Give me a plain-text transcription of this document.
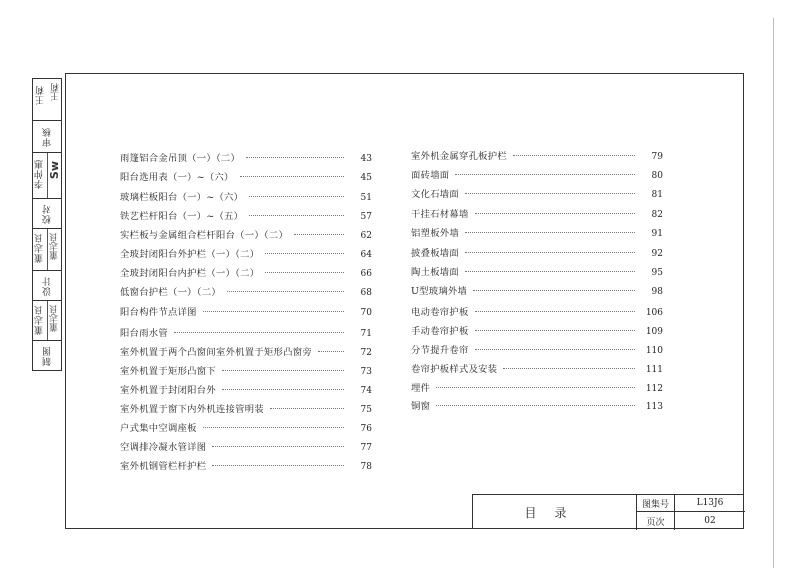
王莉 王莉
审核
李仲惠 Sw
校对
董志良 董志良
设计
董志良 董志良
制图
雨篷铝合金吊顶（一）（二）	43
阳台选用表（一）~（六）	45
玻璃栏板阳台（一）~（六）	51
铁艺栏杆阳台（一）~（五）	57
实栏板与金属组合栏杆阳台（一）（二）	62
全玻封闭阳台外护栏（一）（二）	64
全玻封闭阳台内护栏（一）（二）	66
低窗台护栏（一）（二）	68
阳台构件节点详图	70
阳台雨水管	71
室外机置于两个凸窗间室外机置于矩形凸窗旁	72
室外机置于矩形凸窗下	73
室外机置于封闭阳台外	74
室外机置于窗下内外机连接管明装	75
户式集中空调座板	76
空调排冷凝水管详图	77
室外机钢管栏杆护栏	78
室外机金属穿孔板护栏	79
面砖墙面	80
文化石墙面	81
干挂石材幕墙	82
铝塑板外墙	91
披叠板墙面	92
陶土板墙面	95
U型玻璃外墙	98
电动卷帘护板	106
手动卷帘护板	109
分节提升卷帘	110
卷帘护板样式及安装	111
埋件	112
铜窗	113
目录
图集号	L13J6
页次	02
